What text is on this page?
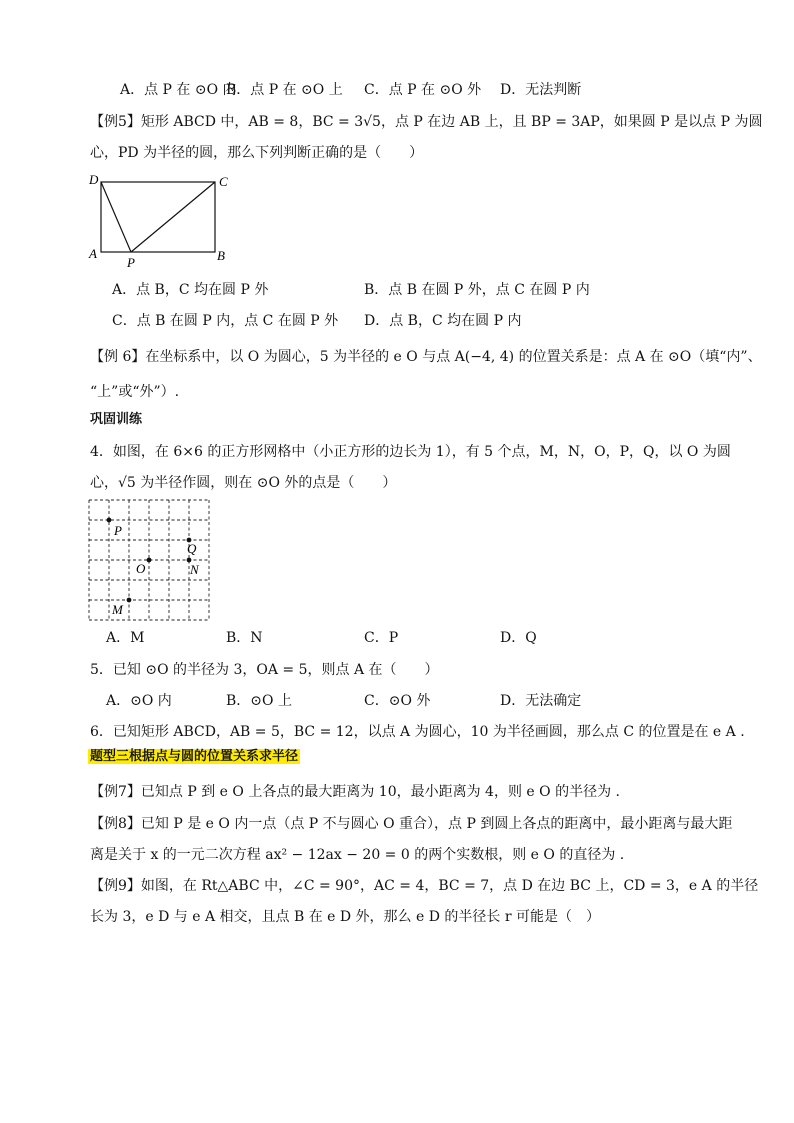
A．点 P 在 ⊙O 内
B．点 P 在 ⊙O 上 C．点 P 在 ⊙O 外 D．无法判断
【例5】矩形 ABCD 中，AB = 8，BC = 3√5，点 P 在边 AB 上，且 BP = 3AP，如果圆 P 是以点 P 为圆
心，PD 为半径的圆，那么下列判断正确的是（　　）
D	C
A	B
P
A．点 B，C 均在圆 P 外	B．点 B 在圆 P 外，点 C 在圆 P 内
C．点 B 在圆 P 内，点 C 在圆 P 外 D．点 B，C 均在圆 P 内
【例 6】在坐标系中，以 O 为圆心，5 为半径的 e O 与点 A(−4, 4) 的位置关系是：点 A 在 ⊙O（填“内”、
“上”或“外”）.
巩固训练
4．如图，在 6×6 的正方形网格中（小正方形的边长为 1），有 5 个点，M，N，O，P，Q，以 O 为圆
心，√5 为半径作圆，则在 ⊙O 外的点是（　　）
P
Q
O	N
M
A．M	B．N	C．P	D．Q
5．已知 ⊙O 的半径为 3，OA = 5，则点 A 在（　　）
A．⊙O 内	B．⊙O 上	C．⊙O 外	D．无法确定
6．已知矩形 ABCD，AB = 5，BC = 12，以点 A 为圆心，10 为半径画圆，那么点 C 的位置是在 e A .
题型三根据点与圆的位置关系求半径
【例7】已知点 P 到 e O 上各点的最大距离为 10，最小距离为 4，则 e O 的半径为 .
【例8】已知 P 是 e O 内一点（点 P 不与圆心 O 重合），点 P 到圆上各点的距离中，最小距离与最大距
离是关于 x 的一元二次方程 ax² − 12ax − 20 = 0 的两个实数根，则 e O 的直径为 .
【例9】如图，在 Rt△ABC 中，∠C = 90°，AC = 4，BC = 7，点 D 在边 BC 上，CD = 3，e A 的半径
长为 3，e D 与 e A 相交，且点 B 在 e D 外，那么 e D 的半径长 r 可能是（　）
